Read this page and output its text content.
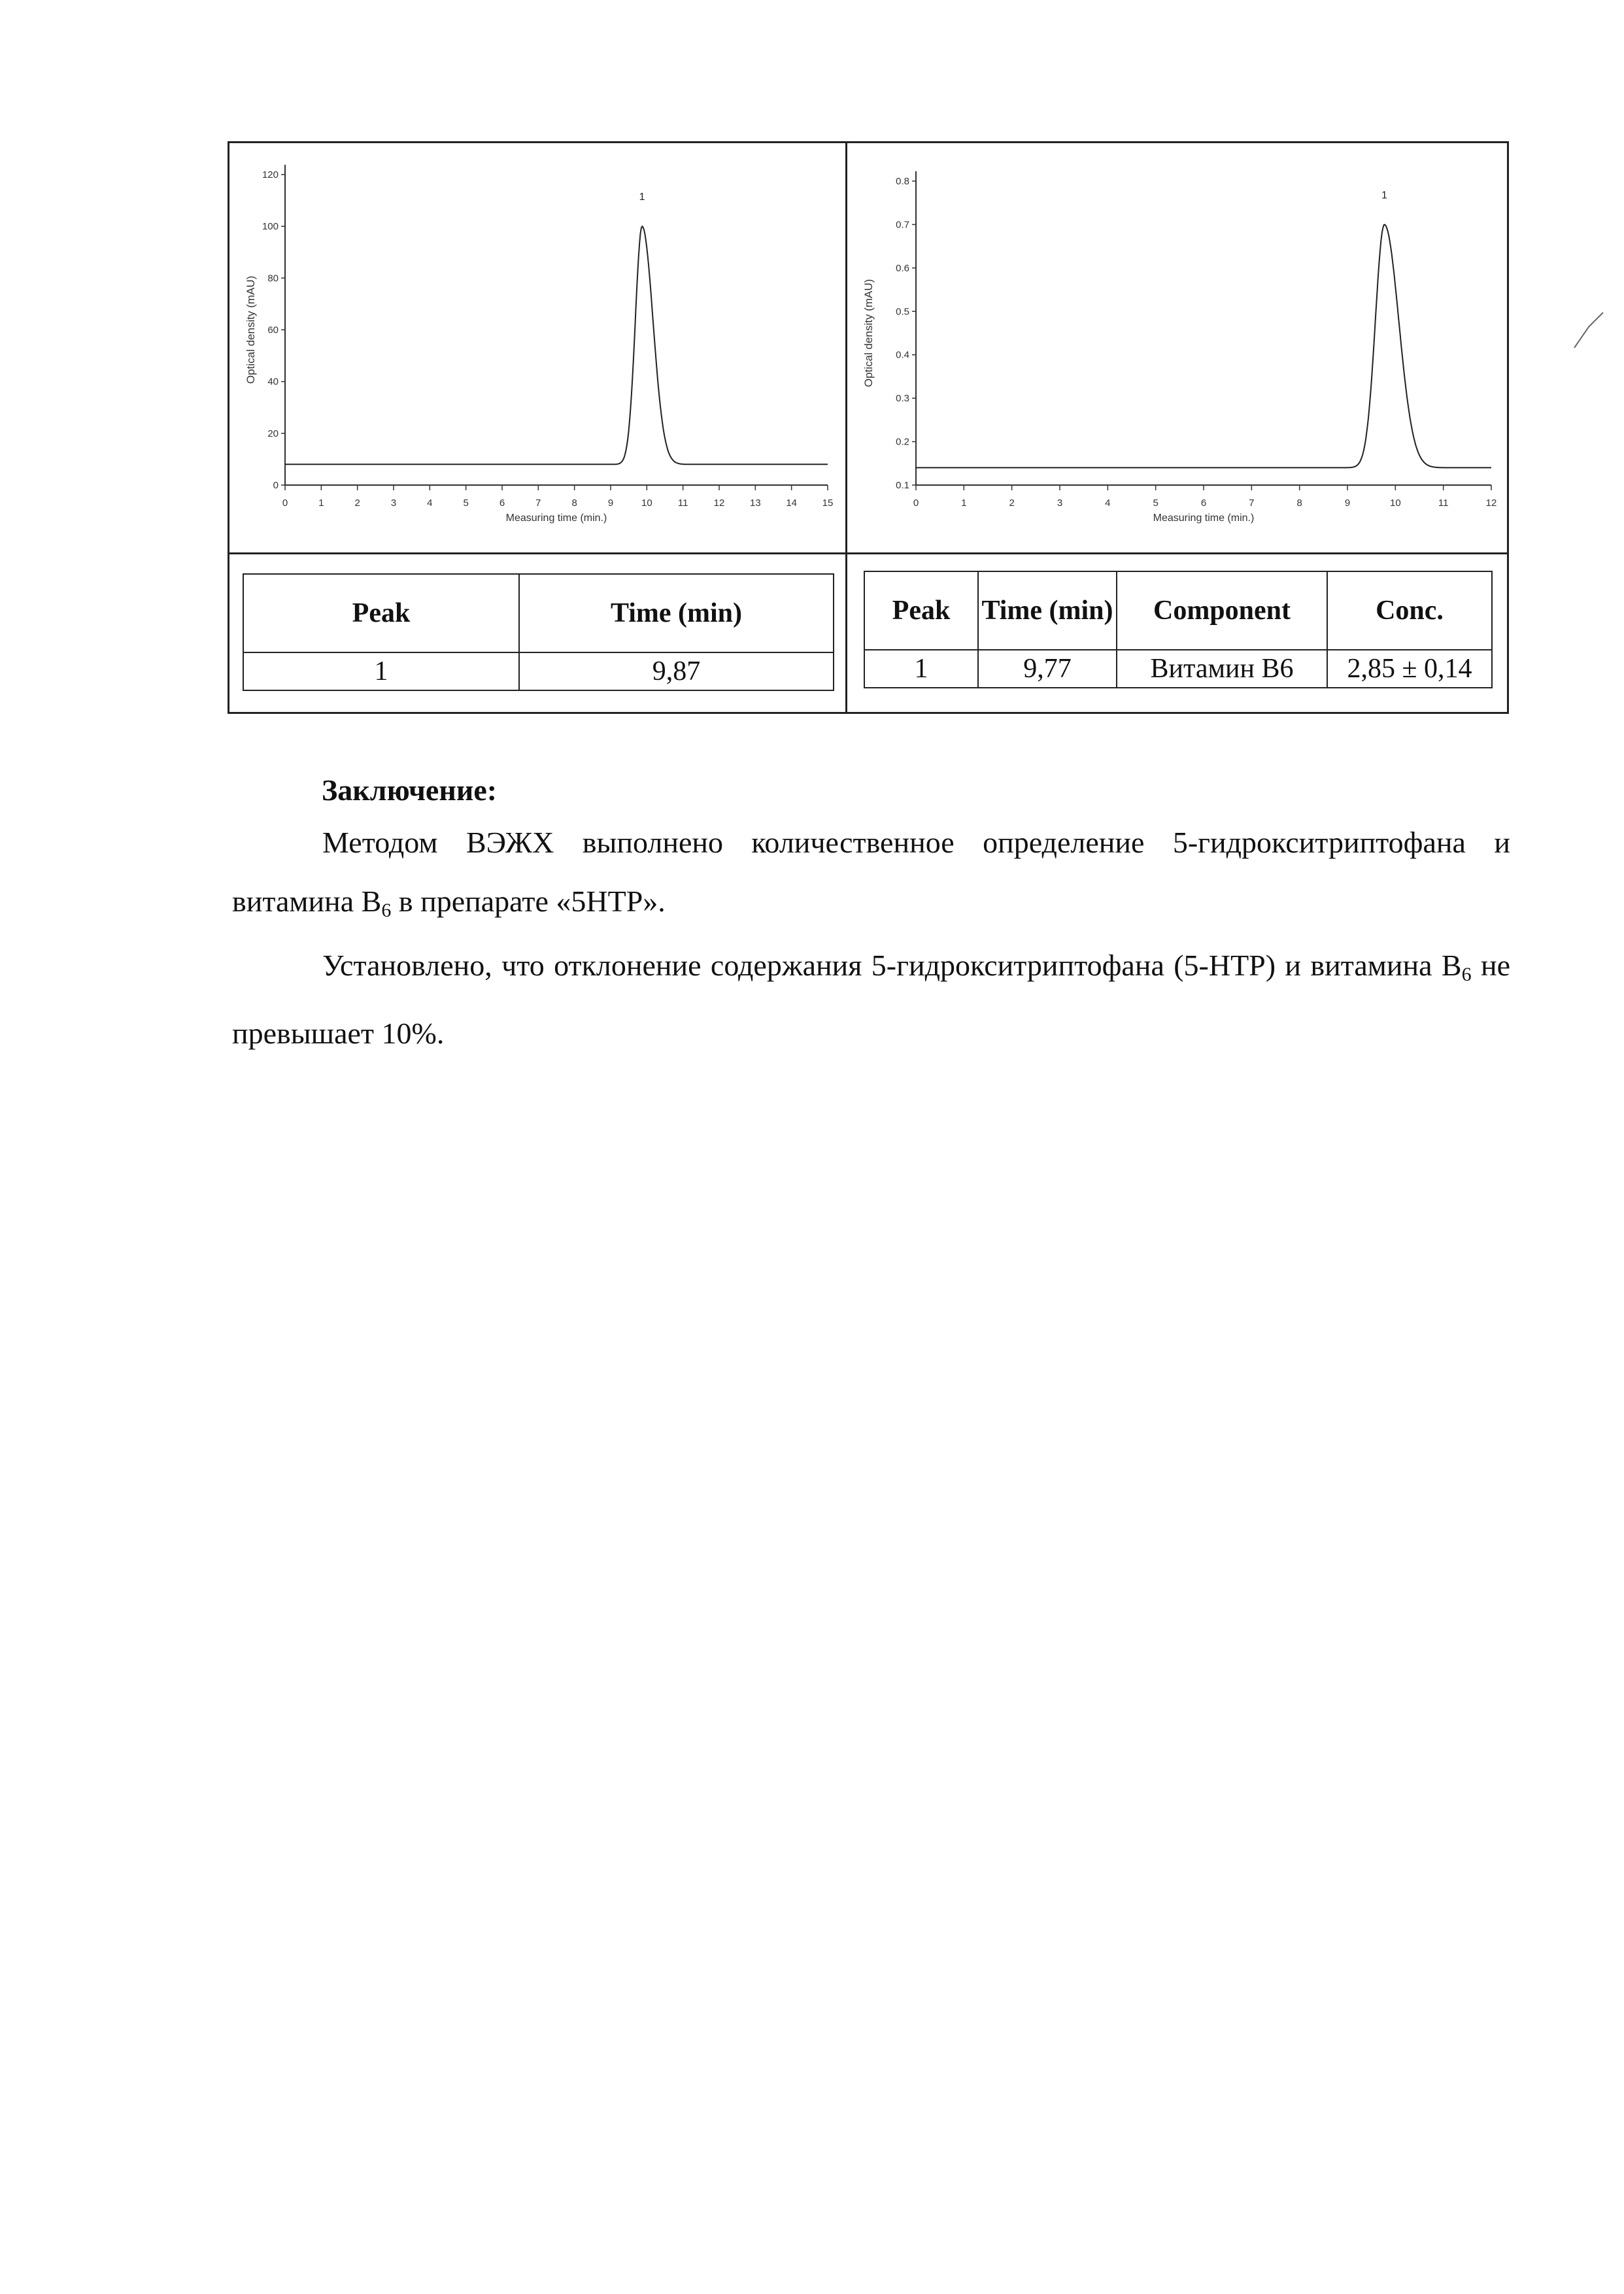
120
100
80
60
40
20
0
0	1	2	3	4	5	6	7	8	9	10	11	12	13	14	15
Measuring time (min.)
Optical density (mAU)
1
0.8
0.7
0.6
0.5
0.4
0.3
0.2
0.1
0	1	2	3	4	5	6	7	8	9	10	11	12
Measuring time (min.)
Optical density (mAU)
1
Peak	Time (min)
1	9,87
Peak	Time (min)	Component	Conc.
1	9,77	Витамин B6	2,85 ± 0,14
Заключение:

Методом ВЭЖХ выполнено количественное определение 5-гидрокситриптофана и витамина $B_6$ в препарате «5HTP».

Установлено, что отклонение содержания 5-гидрокситриптофана (5-HTP) и витамина $B_6$ не превышает 10%.
